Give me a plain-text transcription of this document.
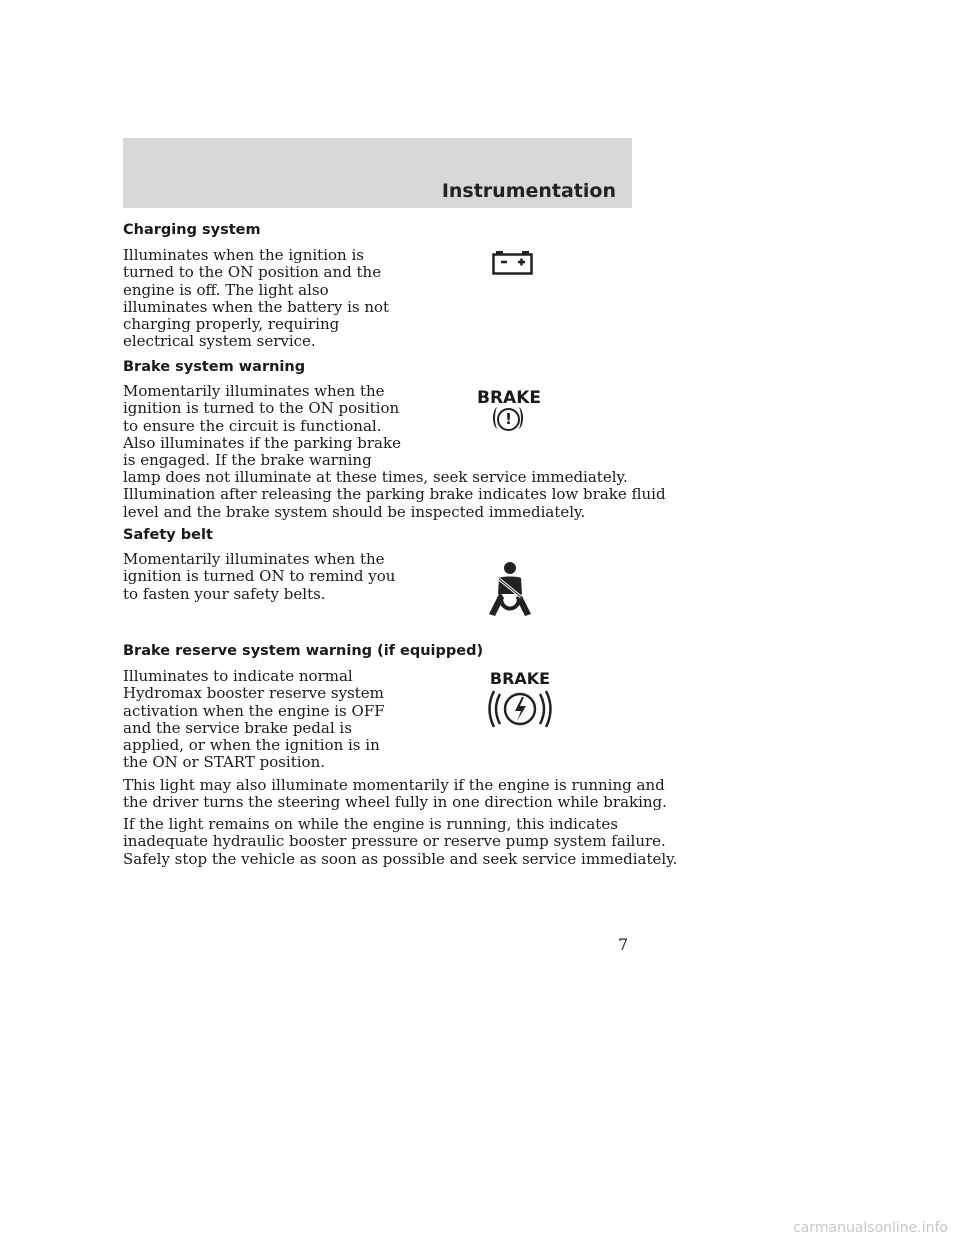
Instrumentation
Charging system

Illuminates when the ignition is
turned to the ON position and the
engine is off. The light also
illuminates when the battery is not
charging properly, requiring
electrical system service.

Brake system warning

Momentarily illuminates when the
ignition is turned to the ON position
to ensure the circuit is functional.
Also illuminates if the parking brake
is engaged. If the brake warning

lamp does not illuminate at these times, seek service immediately.
Illumination after releasing the parking brake indicates low brake fluid
level and the brake system should be inspected immediately.

BRAKE
!
Safety belt

Momentarily illuminates when the
ignition is turned ON to remind you
to fasten your safety belts.

Brake reserve system warning (if equipped)

Illuminates to indicate normal
Hydromax booster reserve system
activation when the engine is OFF
and the service brake pedal is
applied, or when the ignition is in
the ON or START position.

This light may also illuminate momentarily if the engine is running and
the driver turns the steering wheel fully in one direction while braking.

If the light remains on while the engine is running, this indicates
inadequate hydraulic booster pressure or reserve pump system failure.
Safely stop the vehicle as soon as possible and seek service immediately.

BRAKE
7
carmanualsonline.info
